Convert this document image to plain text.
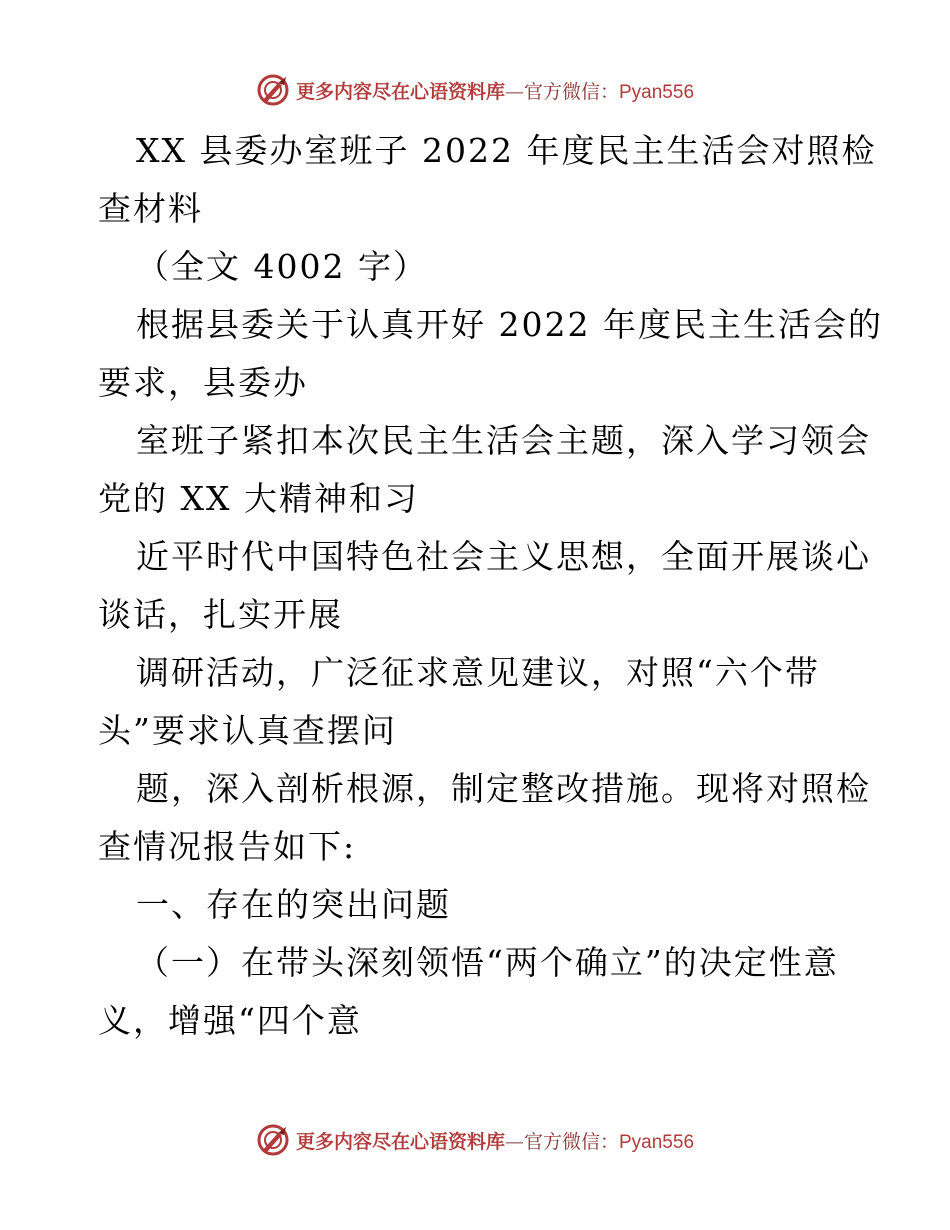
更多内容尽在心语资料库—官方微信：Pyan556
XX 县委办室班子 2022 年度民主生活会对照检
查材料
（全文 4002 字）
根据县委关于认真开好 2022 年度民主生活会的
要求，县委办
室班子紧扣本次民主生活会主题，深入学习领会
党的 XX 大精神和习
近平时代中国特色社会主义思想，全面开展谈心
谈话，扎实开展
调研活动，广泛征求意见建议，对照“六个带
头”要求认真查摆问
题，深入剖析根源，制定整改措施。现将对照检
查情况报告如下:
一、存在的突出问题
（一）在带头深刻领悟“两个确立”的决定性意
义，增强“四个意
更多内容尽在心语资料库—官方微信：Pyan556
